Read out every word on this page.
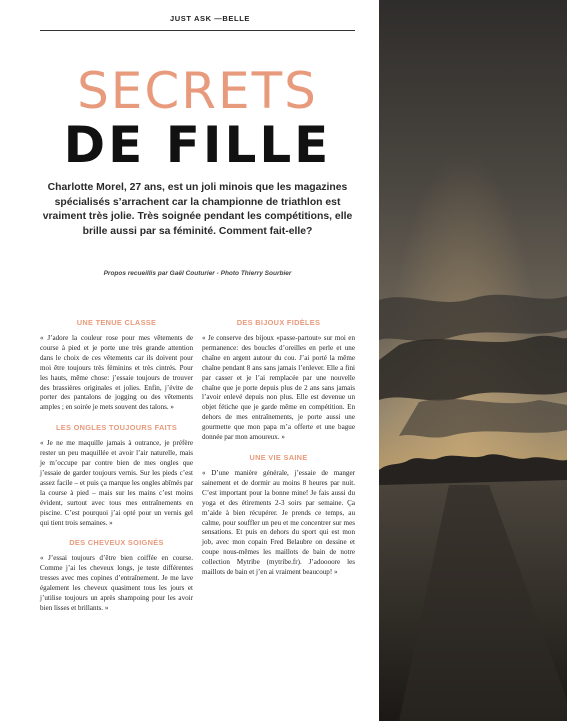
JUST ASK —BELLE
SECRETS
DE FILLE
Charlotte Morel, 27 ans, est un joli minois que les magazines spécialisés s’arrachent car la championne de triathlon est vraiment très jolie. Très soignée pendant les compétitions, elle brille aussi par sa féminité. Comment fait-elle?
Propos recueillis par Gaël Couturier - Photo Thierry Sourbier
UNE TENUE CLASSE

« J’adore la couleur rose pour mes vêtements de course à pied et je porte une très grande attention dans le choix de ces vêtements car ils doivent pour moi être toujours très féminins et très cintrés. Pour les hauts, même chose: j’essaie toujours de trouver des brassières originales et jolies. Enfin, j’évite de porter des pantalons de jogging ou des vêtements amples ; en soirée je mets souvent des talons. »

LES ONGLES TOUJOURS FAITS

« Je ne me maquille jamais à outrance, je préfère rester un peu maquillée et avoir l’air naturelle, mais je m’occupe par contre bien de mes ongles que j’essaie de garder toujours vernis. Sur les pieds c’est assez facile – et puis ça marque les ongles abîmés par la course à pied – mais sur les mains c’est moins évident, surtout avec tous mes entraînements en piscine. C’est pourquoi j’ai opté pour un vernis gel qui tient trois semaines. »

DES CHEVEUX SOIGNÉS

« J’essai toujours d’être bien coiffée en course. Comme j’ai les cheveux longs, je teste différentes tresses avec mes copines d’entraînement. Je me lave également les cheveux quasiment tous les jours et j’utilise toujours un après shampoing pour les avoir bien lisses et brillants. »

DES BIJOUX FIDÈLES

« Je conserve des bijoux «passe-partout» sur moi en permanence: des boucles d’oreilles en perle et une chaîne en argent autour du cou. J’ai porté la même chaîne pendant 8 ans sans jamais l’enlever. Elle a fini par casser et je l’ai remplacée par une nouvelle chaîne que je porte depuis plus de 2 ans sans jamais l’avoir enlevé depuis non plus. Elle est devenue un objet fétiche que je garde même en compétition. En dehors de mes entraînements, je porte aussi une gourmette que mon papa m’a offerte et une bague donnée par mon amoureux. »

UNE VIE SAINE

« D’une manière générale, j’essaie de manger sainement et de dormir au moins 8 heures par nuit. C’est important pour la bonne mine! Je fais aussi du yoga et des étirements 2-3 soirs par semaine. Ça m’aide à bien récupérer. Je prends ce temps, au calme, pour souffler un peu et me concentrer sur mes sensations. Et puis en dehors du sport qui est mon job, avec mon copain Fred Belaubre on dessine et coupe nous-mêmes les maillots de bain de notre collection Mytribe (mytribe.fr). J’adoooore les maillots de bain et j’en ai vraiment beaucoup! »
